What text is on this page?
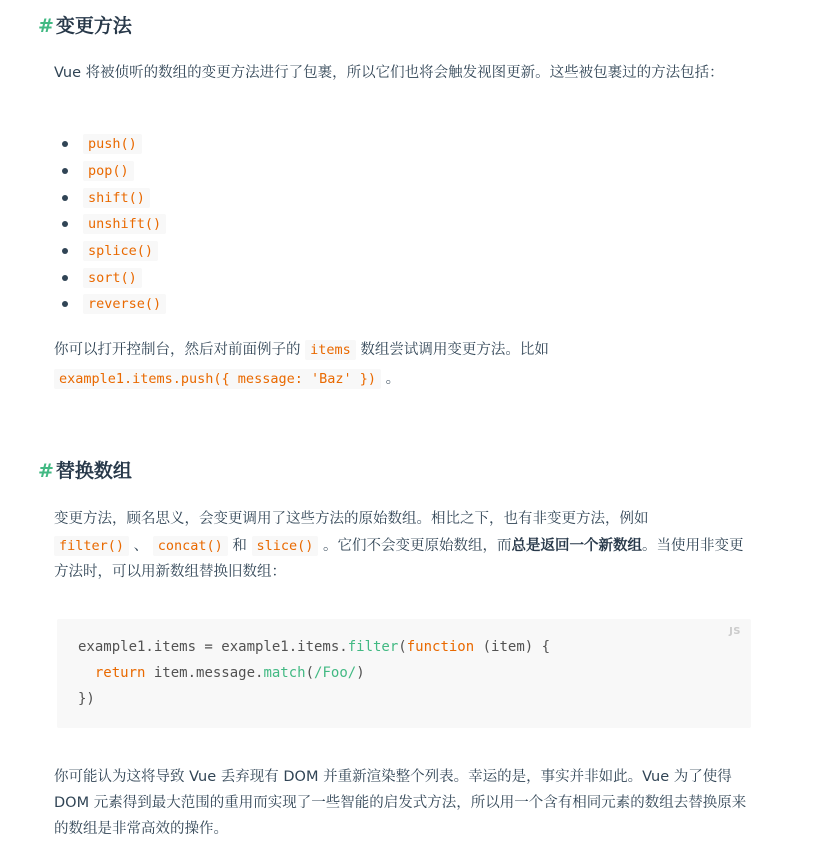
# 变更方法

Vue 将被侦听的数组的变更方法进行了包裹，所以它们也将会触发视图更新。这些被包裹过的方法包括：

push()
pop()
shift()
unshift()
splice()
sort()
reverse()

你可以打开控制台，然后对前面例子的 items 数组尝试调用变更方法。比如
example1.items.push({ message: 'Baz' }) 。

# 替换数组

变更方法，顾名思义，会变更调用了这些方法的原始数组。相比之下，也有非变更方法，例如
filter() 、 concat() 和 slice() 。它们不会变更原始数组，而总是返回一个新数组。当使用非变更方法时，可以用新数组替换旧数组：

JS
example1.items = example1.items.filter(function (item) {
return item.message.match(/Foo/)
})

你可能认为这将导致 Vue 丢弃现有 DOM 并重新渲染整个列表。幸运的是，事实并非如此。Vue 为了使得 DOM 元素得到最大范围的重用而实现了一些智能的启发式方法，所以用一个含有相同元素的数组去替换原来的数组是非常高效的操作。
